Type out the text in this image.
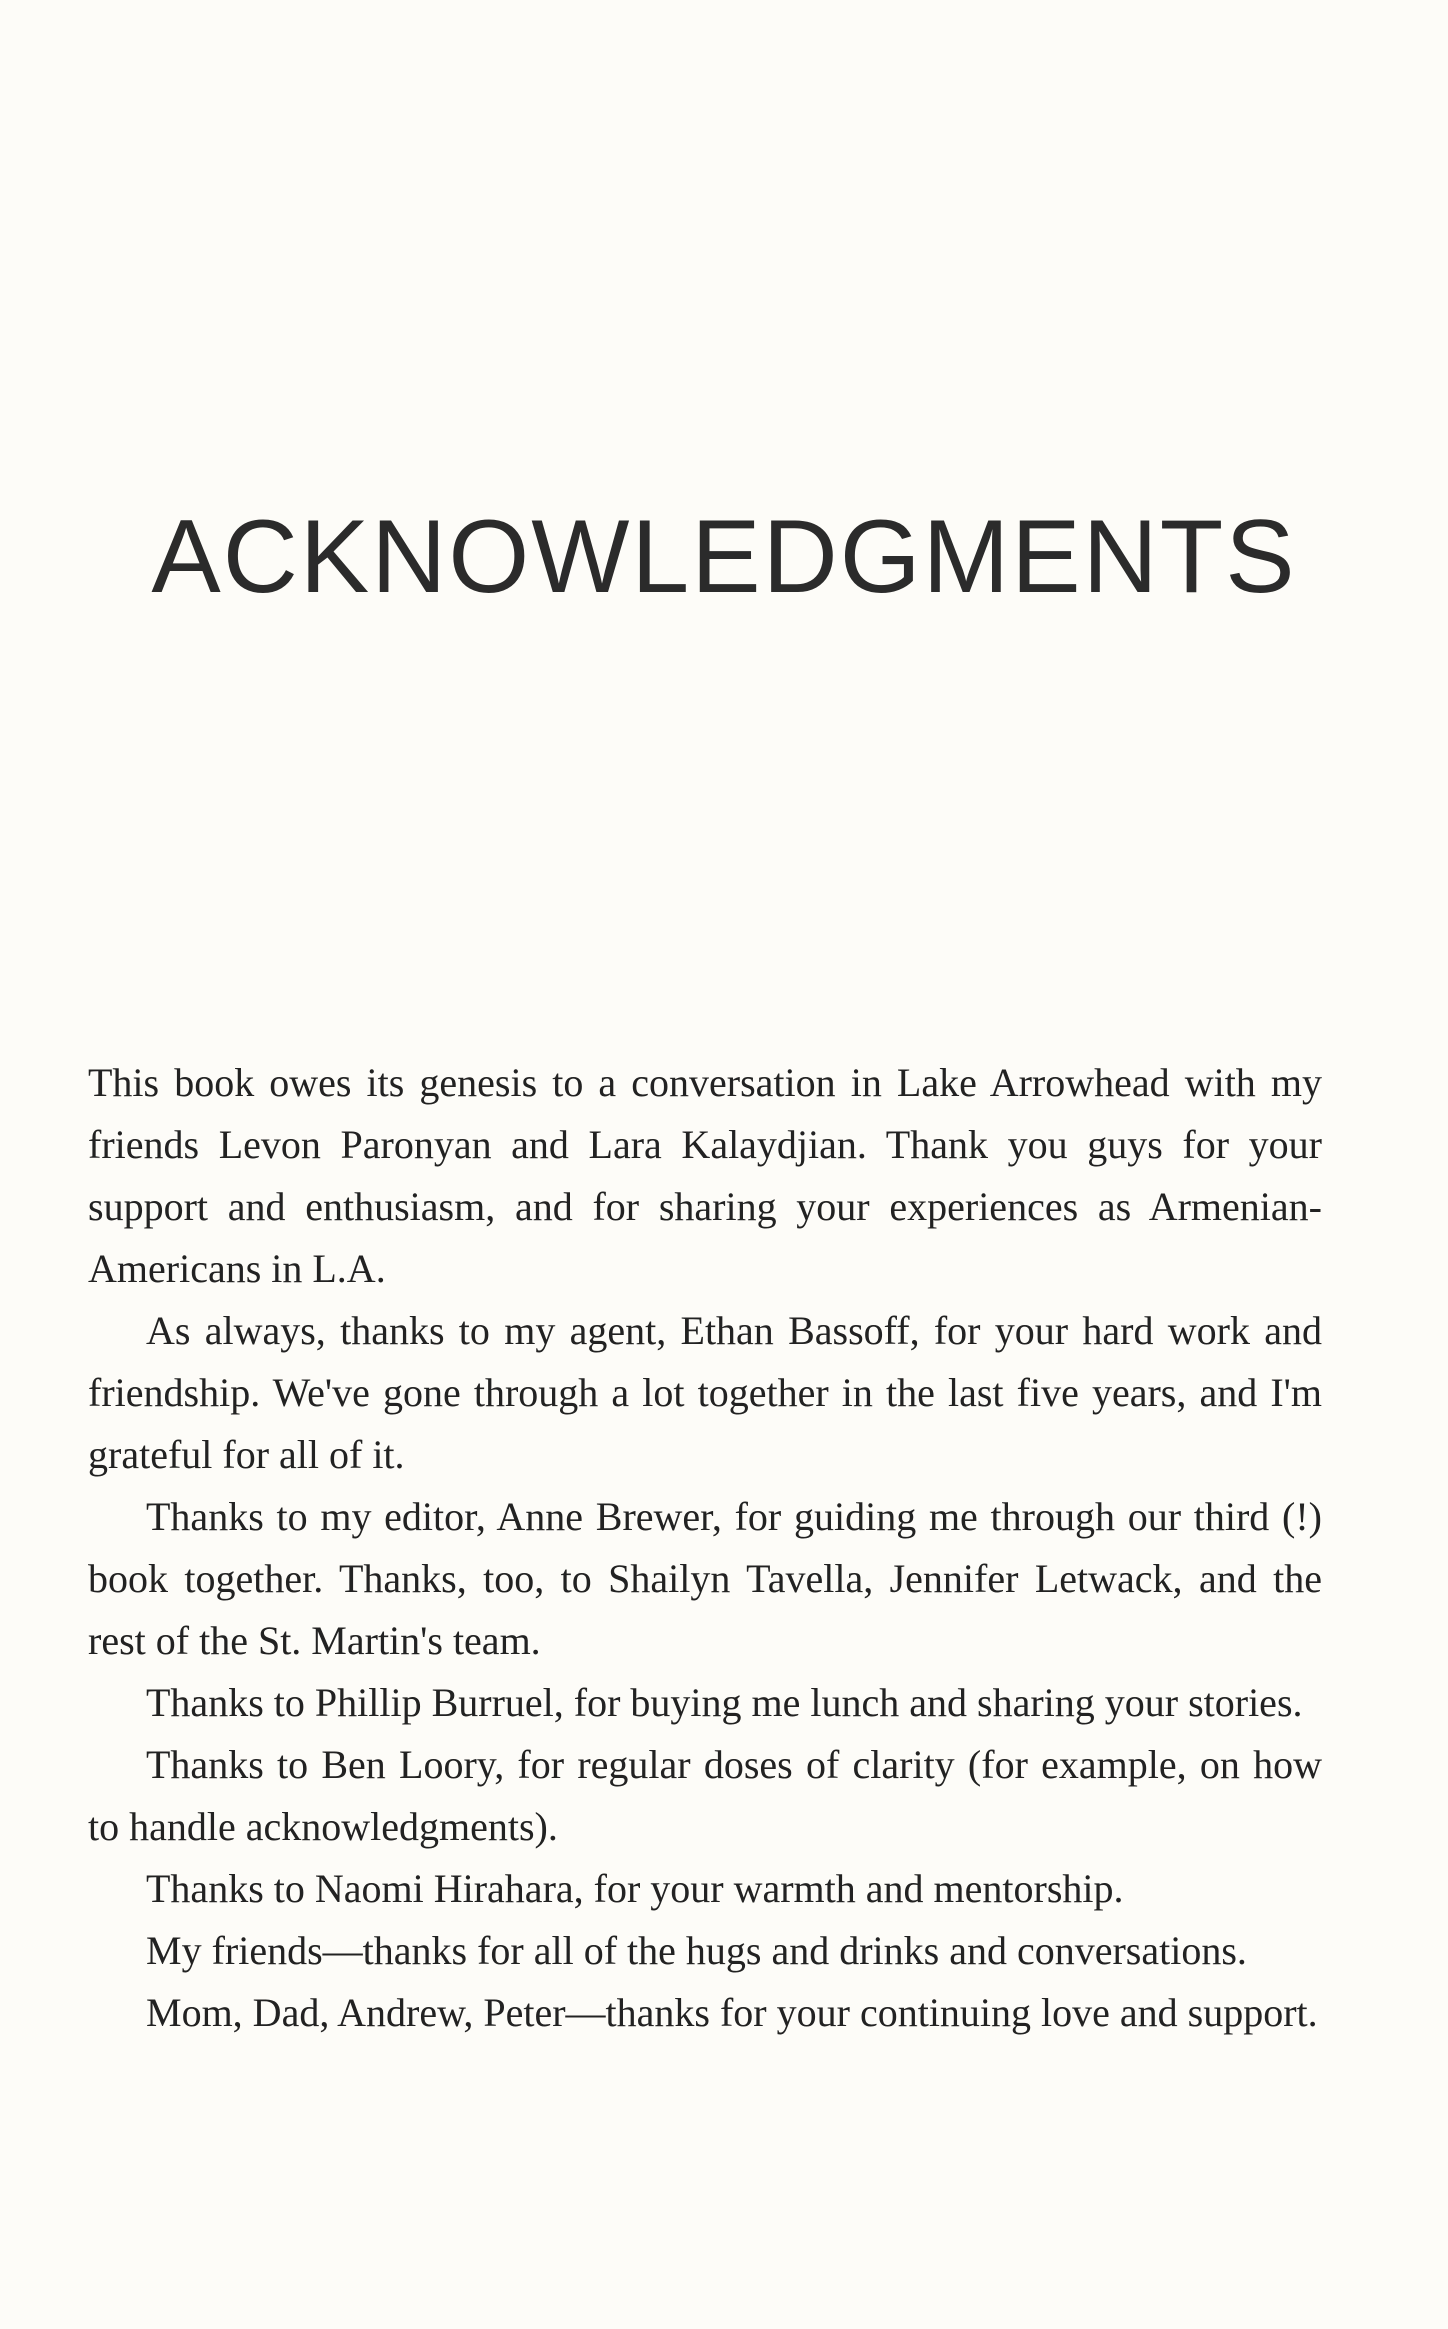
ACKNOWLEDGMENTS

This book owes its genesis to a conversation in Lake Arrowhead with my friends Levon Paronyan and Lara Kalaydjian. Thank you guys for your support and enthusiasm, and for sharing your experiences as Armenian-Americans in L.A.

As always, thanks to my agent, Ethan Bassoff, for your hard work and friendship. We've gone through a lot together in the last five years, and I'm grateful for all of it.

Thanks to my editor, Anne Brewer, for guiding me through our third (!) book together. Thanks, too, to Shailyn Tavella, Jennifer Letwack, and the rest of the St. Martin's team.

Thanks to Phillip Burruel, for buying me lunch and sharing your stories.

Thanks to Ben Loory, for regular doses of clarity (for example, on how to handle acknowledgments).

Thanks to Naomi Hirahara, for your warmth and mentorship.

My friends—thanks for all of the hugs and drinks and conversations.

Mom, Dad, Andrew, Peter—thanks for your continuing love and support.
